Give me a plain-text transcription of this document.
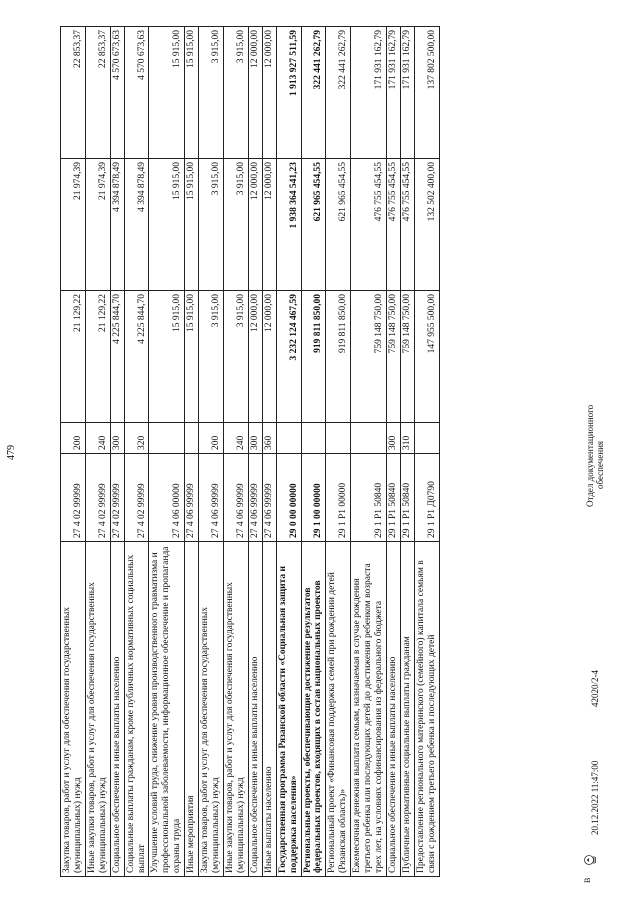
479
Закупка товаров, работ и услуг для обеспечения государственных (муниципальных) нужд	27 4 02 99999	200	21 129,22	21 974,39	22 853,37
Иные закупки товаров, работ и услуг для обеспечения государственных (муниципальных) нужд	27 4 02 99999	240	21 129,22	21 974,39	22 853,37
Социальное обеспечение и иные выплаты населению	27 4 02 99999	300	4 225 844,70	4 394 878,49	4 570 673,63
Социальные выплаты гражданам, кроме публичных нормативных социальных выплат	27 4 02 99999	320	4 225 844,70	4 394 878,49	4 570 673,63
Улучшение условий труда, снижение уровня производственного травматизма и профессиональной заболеваемости, информационное обеспечение и пропаганда охраны труда	27 4 06 00000		15 915,00	15 915,00	15 915,00
Иные мероприятия	27 4 06 99999		15 915,00	15 915,00	15 915,00
Закупка товаров, работ и услуг для обеспечения государственных (муниципальных) нужд	27 4 06 99999	200	3 915,00	3 915,00	3 915,00
Иные закупки товаров, работ и услуг для обеспечения государственных (муниципальных) нужд	27 4 06 99999	240	3 915,00	3 915,00	3 915,00
Социальное обеспечение и иные выплаты населению	27 4 06 99999	300	12 000,00	12 000,00	12 000,00
Иные выплаты населению	27 4 06 99999	360	12 000,00	12 000,00	12 000,00
Государственная программа Рязанской области «Социальная защита и поддержка населения»	29 0 00 00000		3 232 124 467,59	1 938 364 541,23	1 913 927 511,59
Региональные проекты, обеспечивающие достижение результатов федеральных проектов, входящих в состав национальных проектов	29 1 00 00000		919 811 850,00	621 965 454,55	322 441 262,79
Региональный проект «Финансовая поддержка семей при рождении детей (Рязанская область)»	29 1 P1 00000		919 811 850,00	621 965 454,55	322 441 262,79
Ежемесячная денежная выплата семьям, назначаемая в случае рождения третьего ребенка или последующих детей до достижения ребенком возраста трех лет, на условиях софинансирования из федерального бюджета	29 1 P1 50840		759 148 750,00	476 755 454,55	171 931 162,79
Социальное обеспечение и иные выплаты населению	29 1 P1 50840	300	759 148 750,00	476 755 454,55	171 931 162,79
Публичные нормативные социальные выплаты гражданам	29 1 P1 50840	310	759 148 750,00	476 755 454,55	171 931 162,79
Предоставление регионального материнского (семейного) капитала семьям в связи с рождением третьего ребенка и последующих детей	29 1 P1 Д0790		147 955 500,00	132 502 400,00	137 802 500,00
В
20.12.2022 11:47:00
42020/2-4
Отдел документационного обеспечения
